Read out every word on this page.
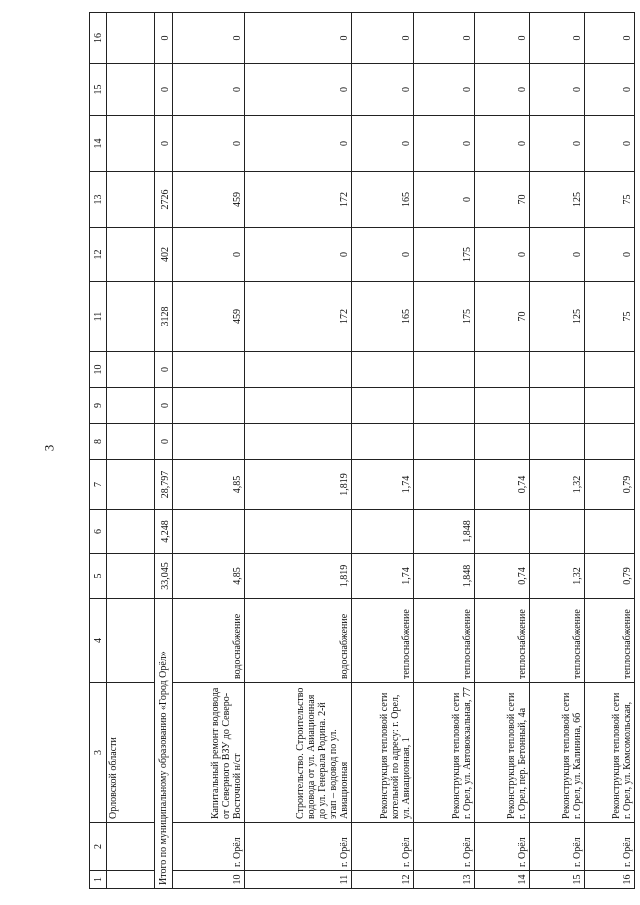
3
1	2	3	4	5	6	7	8	9	10	11	12	13	14	15	16
		Орловской области													
Итого по муниципальному образованию «Город Орёл»				33,045	4,248	28,797	0	0	0	3128	402	2726	0	0	0
10	г. Орёл	Капитальный ремонт водовода от Северного ВЗУ до Северо-Восточной н/ст	водоснабжение	4,85		4,85				459	0	459	0	0	0
11	г. Орёл	Строительство. Строительство водовода от ул. Авиационная до ул. Генерала Родина. 2-й этап – водовод по ул. Авиационная	водоснабжение	1,819		1,819				172	0	172	0	0	0
12	г. Орёл	Реконструкция тепловой сети котельной по адресу: г. Орел, ул. Авиационная, 1	теплоснабжение	1,74		1,74				165	0	165	0	0	0
13	г. Орёл	Реконструкция тепловой сети г. Орел, ул. Автовокзальная, 77	теплоснабжение	1,848	1,848					175	175	0	0	0	0
14	г. Орёл	Реконструкция тепловой сети г. Орел, пер. Бетонный, 4а	теплоснабжение	0,74		0,74				70	0	70	0	0	0
15	г. Орёл	Реконструкция тепловой сети г. Орел, ул. Калинина, 6б	теплоснабжение	1,32		1,32				125	0	125	0	0	0
16	г. Орёл	Реконструкция тепловой сети г. Орел, ул. Комсомольская,	теплоснабжение	0,79		0,79				75	0	75	0	0	0
